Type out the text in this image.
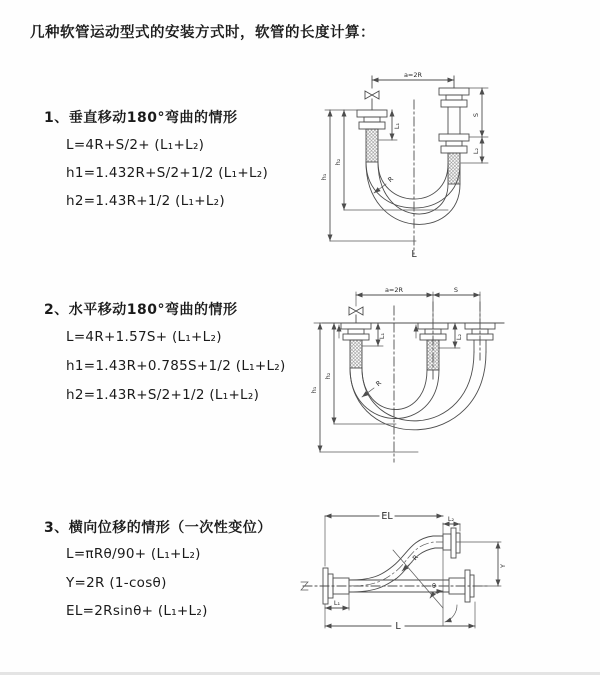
几种软管运动型式的安装方式时，软管的长度计算：
1、垂直移动180°弯曲的情形
L=4R+S/2+ (L₁+L₂)
h1=1.432R+S/2+1/2 (L₁+L₂)
h2=1.43R+1/2 (L₁+L₂)
2、水平移动180°弯曲的情形
L=4R+1.57S+ (L₁+L₂)
h1=1.43R+0.785S+1/2 (L₁+L₂)
h2=1.43R+S/2+1/2 (L₁+L₂)
3、横向位移的情形（一次性变位）
L=πRθ/90+ (L₁+L₂)
Y=2R (1-cosθ)
EL=2Rsinθ+ (L₁+L₂)
a=2R
S
L₂
L₁
h₂
h₁	R
L
a=2R	S
L₁	L₂
h₂
h₁
R
EL	L₂
Y
R
θ
L₁
L
